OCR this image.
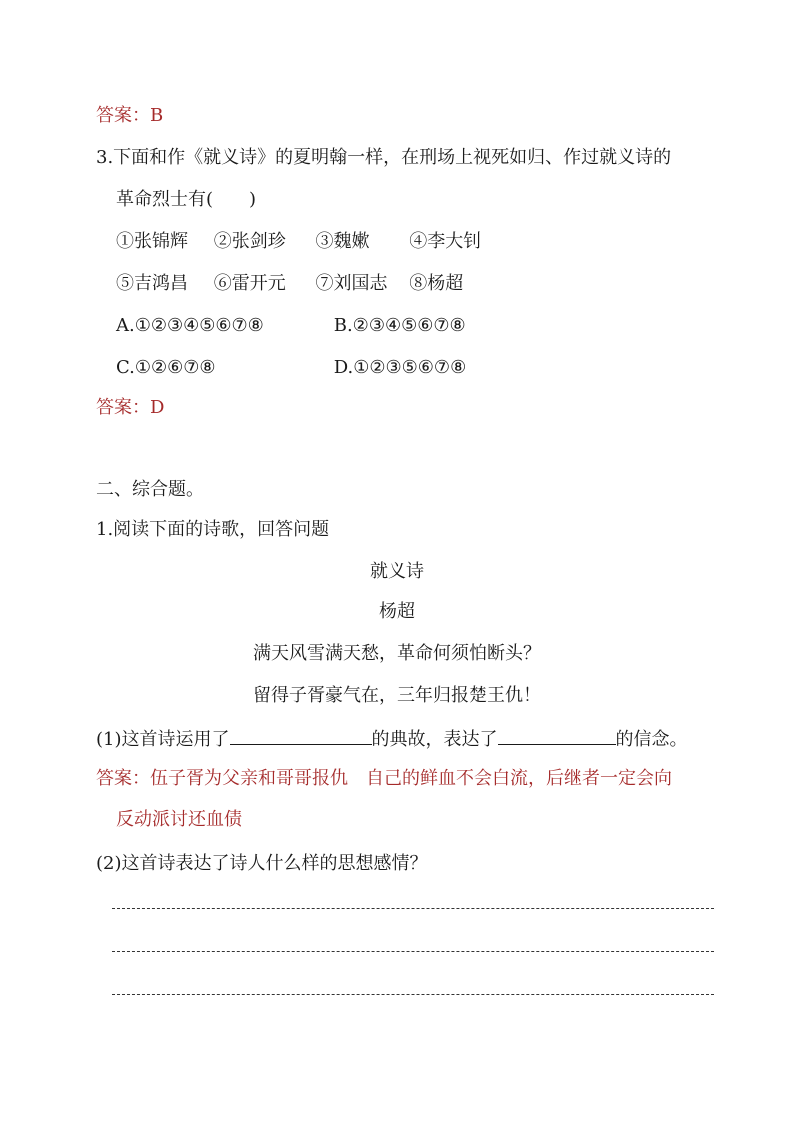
答案：B
3.下面和作《就义诗》的夏明翰一样，在刑场上视死如归、作过就义诗的
革命烈士有(　　)
①张锦辉 ②张剑珍 ③魏嫰 ④李大钊
⑤吉鸿昌 ⑥雷开元 ⑦刘国志 ⑧杨超
A.①②③④⑤⑥⑦⑧	B.②③④⑤⑥⑦⑧
C.①②⑥⑦⑧	D.①②③⑤⑥⑦⑧
答案：D
二、综合题。
1.阅读下面的诗歌，回答问题
就义诗
杨超
满天风雪满天愁，革命何须怕断头？
留得子胥豪气在，三年归报楚王仇！
(1)这首诗运用了	的典故，表达了	的信念。
答案：伍子胥为父亲和哥哥报仇　自己的鲜血不会白流，后继者一定会向
反动派讨还血债
(2)这首诗表达了诗人什么样的思想感情？
